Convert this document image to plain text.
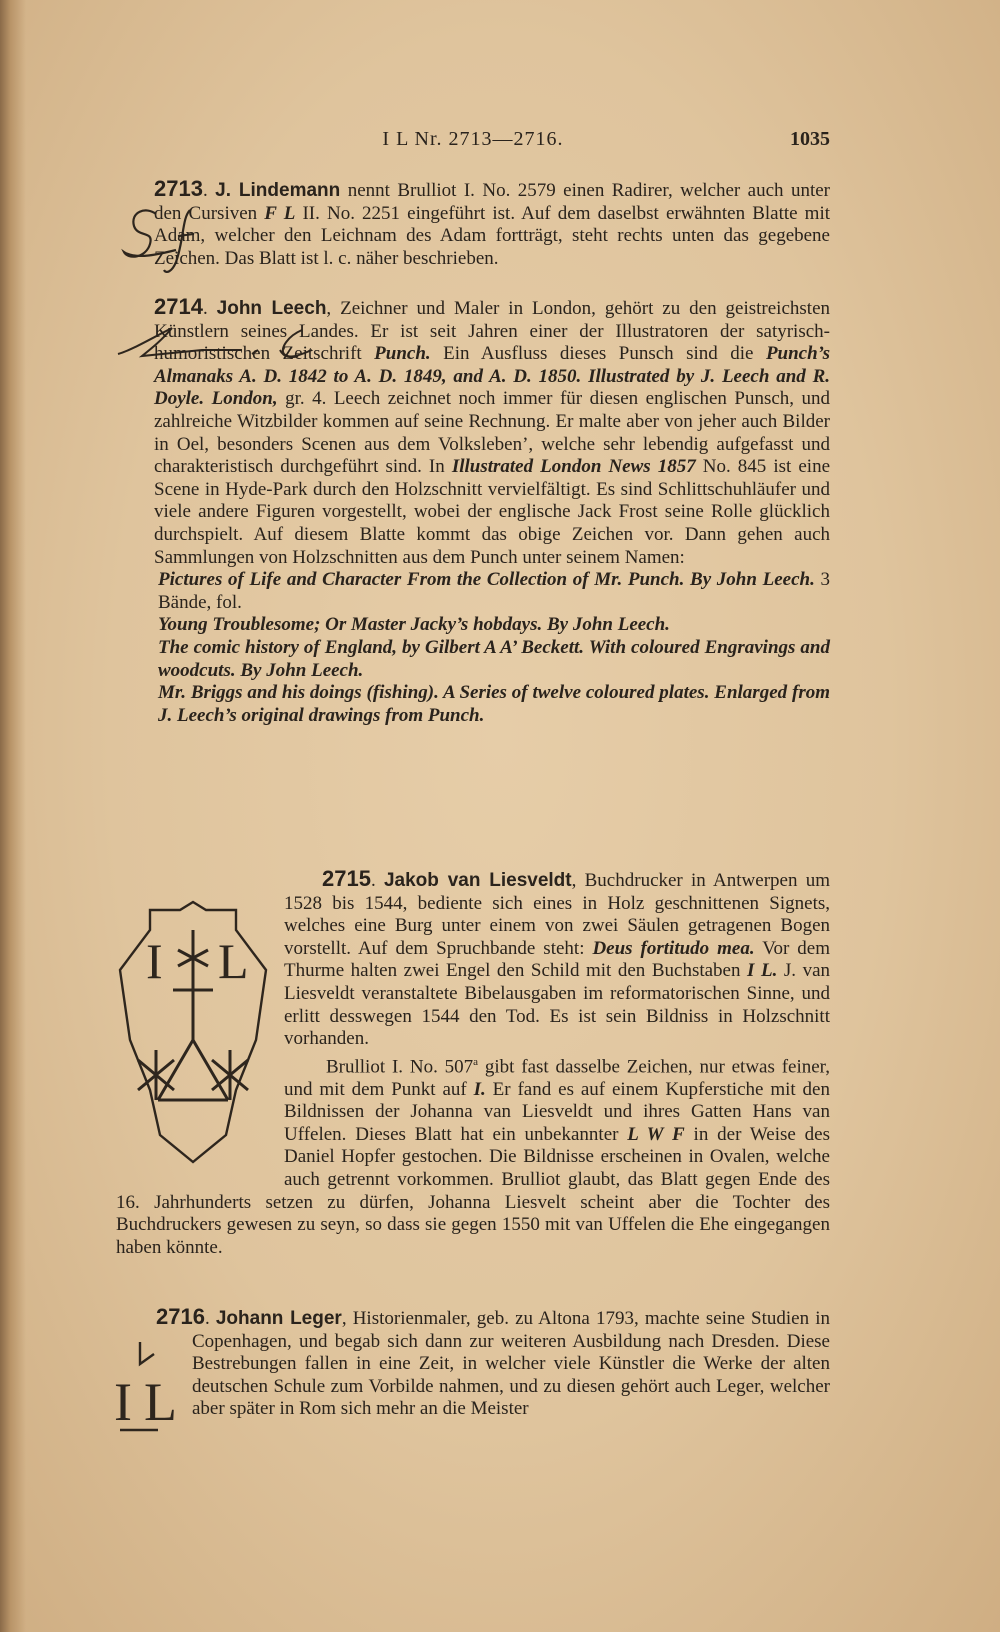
I L Nr. 2713—2716.	1035
I L
I L

2713. J. Lindemann nennt Brulliot I. No. 2579 einen Radirer, welcher auch unter den Cursiven F L II. No. 2251 eingeführt ist. Auf dem daselbst erwähnten Blatte mit Adam, welcher den Leichnam des Adam forttrӓgt, steht rechts unten das gegebene Zeichen. Das Blatt ist l. c. näher beschrieben.

2714. John Leech, Zeichner und Maler in London, gehört zu den geistreichsten Künstlern seines Landes. Er ist seit Jahren einer der Illustratoren der satyrisch-humoristischen Zeitschrift Punch. Ein Ausfluss dieses Punsch sind die Punch’s Almanaks A. D. 1842 to A. D. 1849, and A. D. 1850. Illustrated by J. Leech and R. Doyle. London, gr. 4. Leech zeichnet noch immer für diesen englischen Punsch, und zahlreiche Witzbilder kommen auf seine Rechnung. Er malte aber von jeher auch Bilder in Oel, besonders Scenen aus dem Volksleben’, welche sehr lebendig aufgefasst und charakteristisch durchgeführt sind. In Illustrated London News 1857 No. 845 ist eine Scene in Hyde-Park durch den Holzschnitt vervielfältigt. Es sind Schlittschuhläufer und viele andere Figuren vorgestellt, wobei der englische Jack Frost seine Rolle glücklich durchspielt. Auf diesem Blatte kommt das obige Zeichen vor. Dann gehen auch Sammlungen von Holzschnitten aus dem Punch unter seinem Namen:

Pictures of Life and Character From the Collection of Mr. Punch. By John Leech. 3 Bände, fol.

Young Troublesome; Or Master Jacky’s hobdays. By John Leech.

The comic history of England, by Gilbert A A’ Beckett. With coloured Engravings and woodcuts. By John Leech.

Mr. Briggs and his doings (fishing). A Series of twelve coloured plates. Enlarged from J. Leech’s original drawings from Punch.

2715. Jakob van Liesveldt, Buchdrucker in Antwerpen um 1528 bis 1544, bediente sich eines in Holz geschnittenen Signets, welches eine Burg unter einem von zwei Säulen getragenen Bogen vorstellt. Auf dem Spruchbande steht: Deus fortitudo mea. Vor dem Thurme halten zwei Engel den Schild mit den Buchstaben I L. J. van Liesveldt veranstaltete Bibelausgaben im reformatorischen Sinne, und erlitt desswegen 1544 den Tod. Es ist sein Bildniss in Holzschnitt vorhanden.

Brulliot I. No. 507$^a$ gibt fast dasselbe Zeichen, nur etwas feiner, und mit dem Punkt auf I. Er fand es auf einem Kupferstiche mit den Bildnissen der Johanna van Liesveldt und ihres Gatten Hans van Uffelen. Dieses Blatt hat ein unbekannter L W F in der Weise des Daniel Hopfer gestochen. Die Bildnisse erscheinen in Ovalen, welche auch getrennt vorkommen. Brulliot glaubt, das Blatt gegen Ende des 16. Jahrhunderts setzen zu dürfen, Johanna Liesvelt scheint aber die Tochter des Buchdruckers gewesen zu seyn, so dass sie gegen 1550 mit van Uffelen die Ehe eingegangen haben könnte.

2716. Johann Leger, Historienmaler, geb. zu Altona 1793, machte seine Studien in Copenhagen, und begab sich dann zur weiteren Ausbildung nach Dresden. Diese Bestrebungen fallen in eine Zeit, in welcher viele Künstler die Werke der alten deutschen Schule zum Vorbilde nahmen, und zu diesen gehört auch Leger, welcher aber später in Rom sich mehr an die Meister
